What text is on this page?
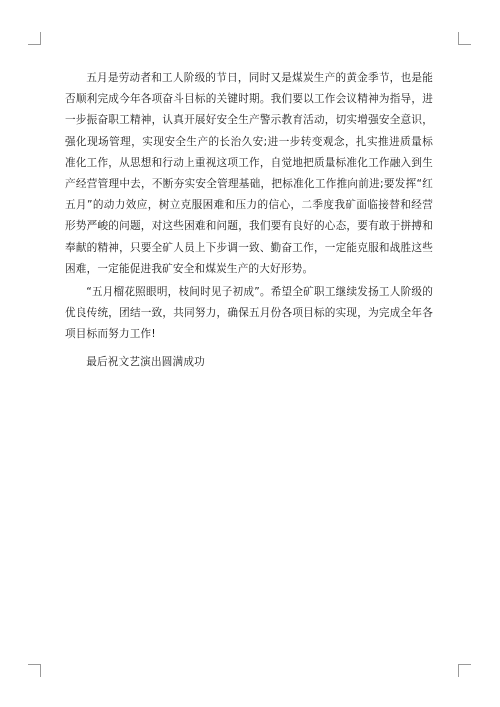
五月是劳动者和工人阶级的节日，同时又是煤炭生产的黄金季节，也是能否顺利完成今年各项奋斗目标的关键时期。我们要以工作会议精神为指导，进一步振奋职工精神，认真开展好安全生产警示教育活动，切实增强安全意识，强化现场管理，实现安全生产的长治久安;进一步转变观念，扎实推进质量标准化工作，从思想和行动上重视这项工作，自觉地把质量标准化工作融入到生产经营管理中去，不断夯实安全管理基础，把标准化工作推向前进;要发挥“红五月”的动力效应，树立克服困难和压力的信心，二季度我矿面临接替和经营形势严峻的问题，对这些困难和问题，我们要有良好的心态，要有敢于拼搏和奉献的精神，只要全矿人员上下步调一致、勤奋工作，一定能克服和战胜这些困难，一定能促进我矿安全和煤炭生产的大好形势。

“五月榴花照眼明，枝间时见子初成”。希望全矿职工继续发扬工人阶级的优良传统，团结一致，共同努力，确保五月份各项目标的实现，为完成全年各项目标而努力工作!

最后祝文艺演出圆满成功
